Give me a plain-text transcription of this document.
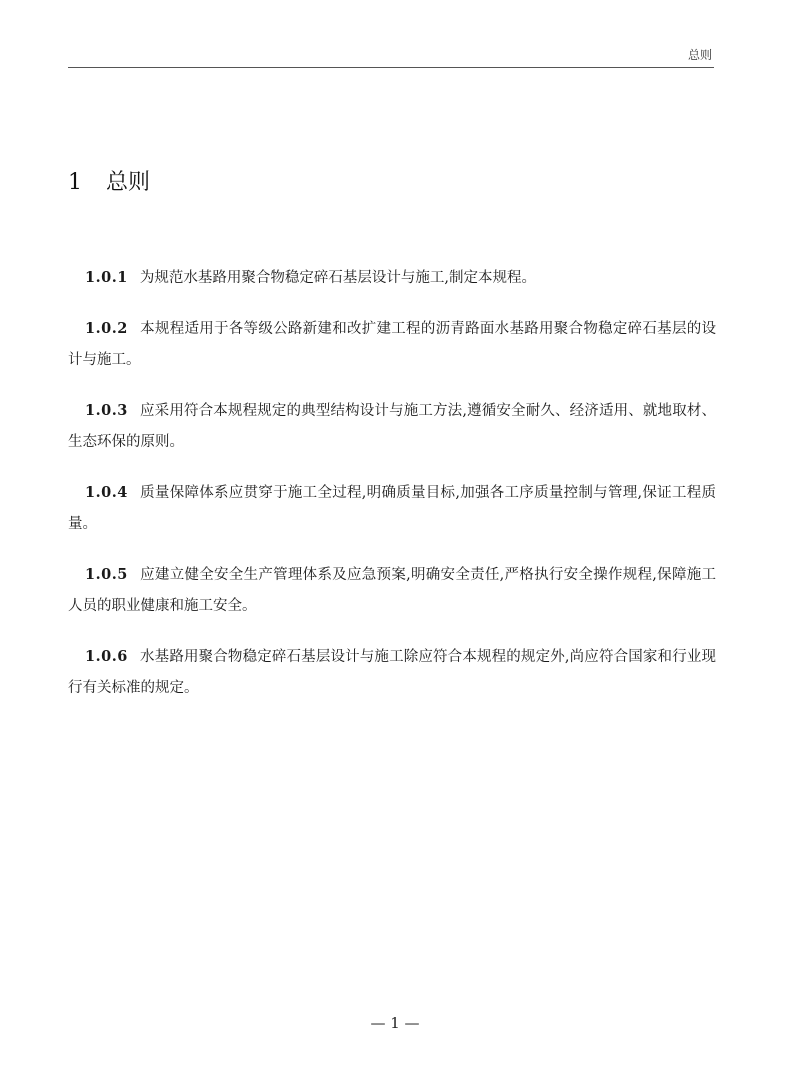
总则
1 总则

1.0.1 为规范水基路用聚合物稳定碎石基层设计与施工,制定本规程。

1.0.2 本规程适用于各等级公路新建和改扩建工程的沥青路面水基路用聚合物稳定碎石基层的设计与施工。

1.0.3 应采用符合本规程规定的典型结构设计与施工方法,遵循安全耐久、经济适用、就地取材、生态环保的原则。

1.0.4 质量保障体系应贯穿于施工全过程,明确质量目标,加强各工序质量控制与管理,保证工程质量。

1.0.5 应建立健全安全生产管理体系及应急预案,明确安全责任,严格执行安全操作规程,保障施工人员的职业健康和施工安全。

1.0.6 水基路用聚合物稳定碎石基层设计与施工除应符合本规程的规定外,尚应符合国家和行业现行有关标准的规定。

— 1 —
